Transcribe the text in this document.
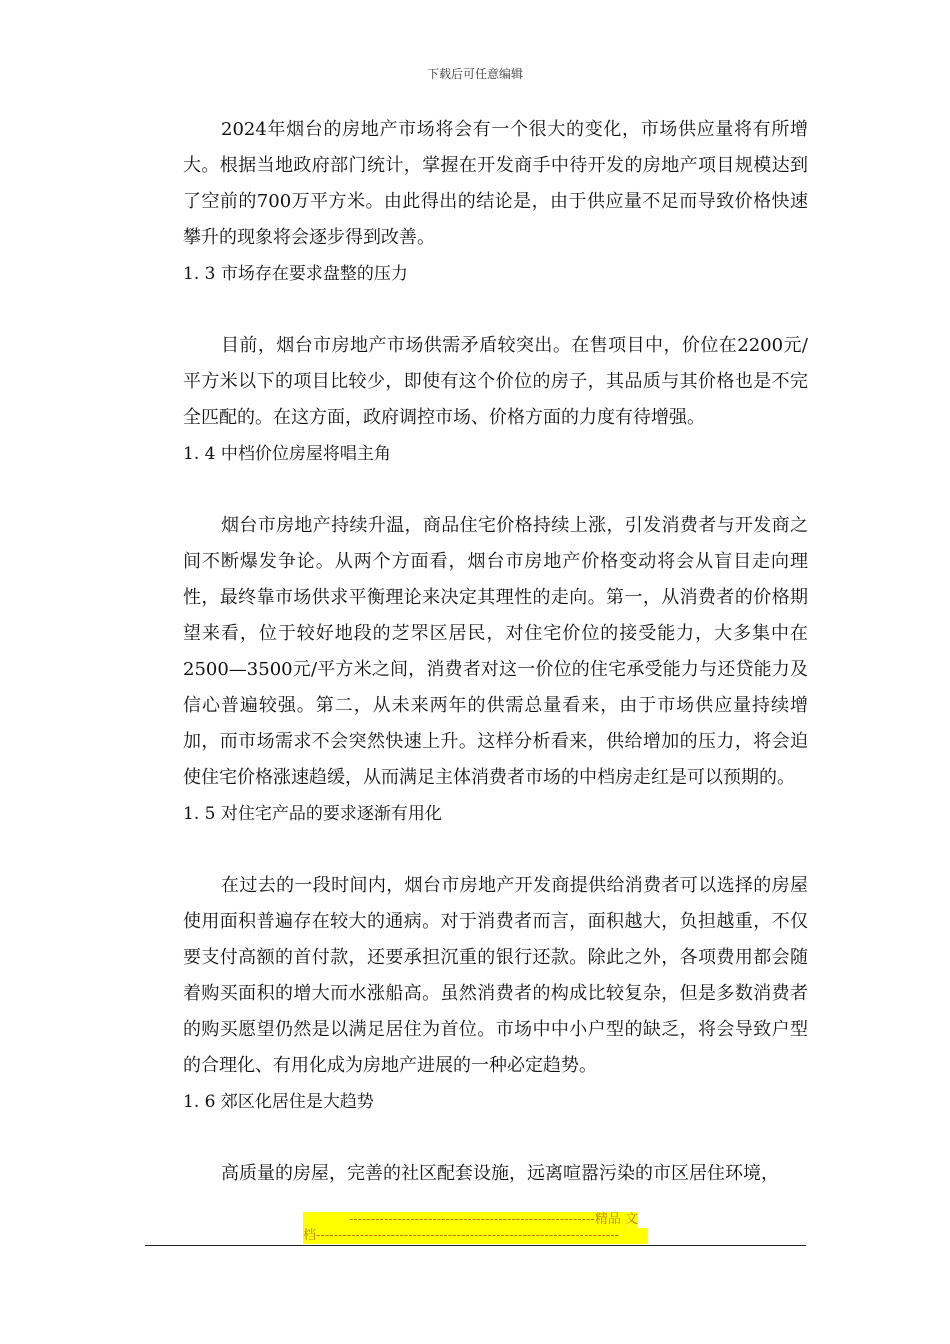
下载后可任意编辑

2024年烟台的房地产市场将会有一个很大的变化，市场供应量将有所增大。根据当地政府部门统计，掌握在开发商手中待开发的房地产项目规模达到了空前的700万平方米。由此得出的结论是，由于供应量不足而导致价格快速攀升的现象将会逐步得到改善。

1. 3 市场存在要求盘整的压力

目前，烟台市房地产市场供需矛盾较突出。在售项目中，价位在2200元/平方米以下的项目比较少，即使有这个价位的房子，其品质与其价格也是不完全匹配的。在这方面，政府调控市场、价格方面的力度有待增强。

1. 4 中档价位房屋将唱主角

烟台市房地产持续升温，商品住宅价格持续上涨，引发消费者与开发商之间不断爆发争论。从两个方面看，烟台市房地产价格变动将会从盲目走向理性，最终靠市场供求平衡理论来决定其理性的走向。第一，从消费者的价格期望来看，位于较好地段的芝罘区居民，对住宅价位的接受能力，大多集中在2500—3500元/平方米之间，消费者对这一价位的住宅承受能力与还贷能力及信心普遍较强。第二，从未来两年的供需总量看来，由于市场供应量持续增加，而市场需求不会突然快速上升。这样分析看来，供给增加的压力，将会迫使住宅价格涨速趋缓，从而满足主体消费者市场的中档房走红是可以预期的。

1. 5 对住宅产品的要求逐渐有用化

在过去的一段时间内，烟台市房地产开发商提供给消费者可以选择的房屋使用面积普遍存在较大的通病。对于消费者而言，面积越大，负担越重，不仅要支付高额的首付款，还要承担沉重的银行还款。除此之外，各项费用都会随着购买面积的增大而水涨船高。虽然消费者的构成比较复杂，但是多数消费者的购买愿望仍然是以满足居住为首位。市场中中小户型的缺乏，将会导致户型的合理化、有用化成为房地产进展的一种必定趋势。

1. 6 郊区化居住是大趋势

高质量的房屋，完善的社区配套设施，远离喧嚣污染的市区居住环境，

--------------------------------------------------------精品 文
档---------------------------------------------------------------------
